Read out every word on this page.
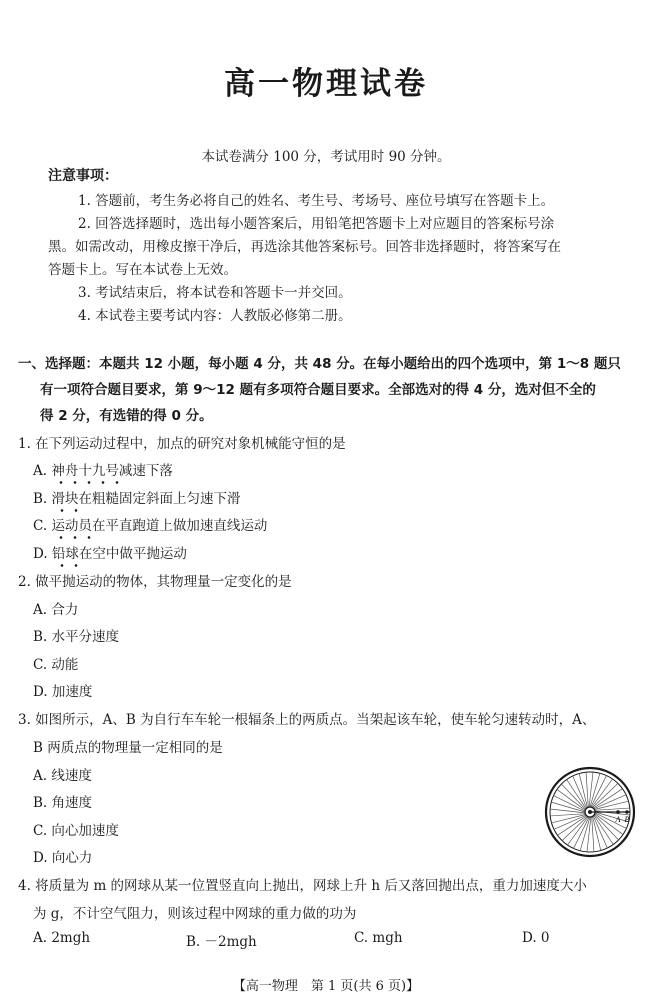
高一物理试卷
本试卷满分 100 分，考试用时 90 分钟。
注意事项：
1. 答题前，考生务必将自己的姓名、考生号、考场号、座位号填写在答题卡上。
2. 回答选择题时，选出每小题答案后，用铅笔把答题卡上对应题目的答案标号涂
黑。如需改动，用橡皮擦干净后，再选涂其他答案标号。回答非选择题时，将答案写在
答题卡上。写在本试卷上无效。
3. 考试结束后，将本试卷和答题卡一并交回。
4. 本试卷主要考试内容：人教版必修第二册。
一、选择题：本题共 12 小题，每小题 4 分，共 48 分。在每小题给出的四个选项中，第 1～8 题只
有一项符合题目要求，第 9～12 题有多项符合题目要求。全部选对的得 4 分，选对但不全的
得 2 分，有选错的得 0 分。
1. 在下列运动过程中，加点的研究对象机械能守恒的是
A. 神舟十九号减速下落
B. 滑块在粗糙固定斜面上匀速下滑
C. 运动员在平直跑道上做加速直线运动
D. 铅球在空中做平抛运动
2. 做平抛运动的物体，其物理量一定变化的是
A. 合力
B. 水平分速度
C. 动能
D. 加速度
3. 如图所示，A、B 为自行车车轮一根辐条上的两质点。当架起该车轮，使车轮匀速转动时，A、
B 两质点的物理量一定相同的是
A. 线速度
B. 角速度
C. 向心加速度
D. 向心力
A B
4. 将质量为 m 的网球从某一位置竖直向上抛出，网球上升 h 后又落回抛出点，重力加速度大小
为 g，不计空气阻力，则该过程中网球的重力做的功为
A. 2mgh	B. －2mgh	C. mgh	D. 0
【高一物理　第 1 页(共 6 页)】
